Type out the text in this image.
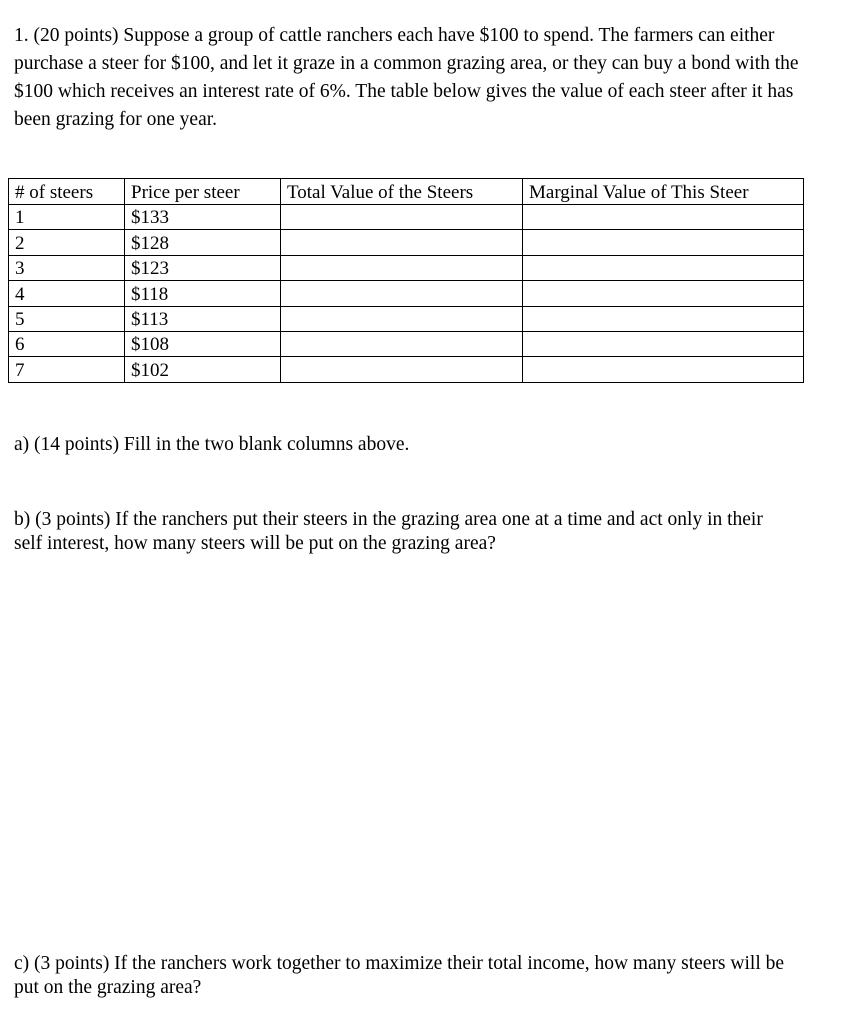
1. (20 points) Suppose a group of cattle ranchers each have $100 to spend. The farmers can either purchase a steer for $100, and let it graze in a common grazing area, or they can buy a bond with the $100 which receives an interest rate of 6%. The table below gives the value of each steer after it has been grazing for one year.

# of steers	Price per steer	Total Value of the Steers	Marginal Value of This Steer
1	$133		
2	$128		
3	$123		
4	$118		
5	$113		
6	$108		
7	$102		

a) (14 points) Fill in the two blank columns above.

b) (3 points) If the ranchers put their steers in the grazing area one at a time and act only in their self interest, how many steers will be put on the grazing area?

c) (3 points) If the ranchers work together to maximize their total income, how many steers will be put on the grazing area?
